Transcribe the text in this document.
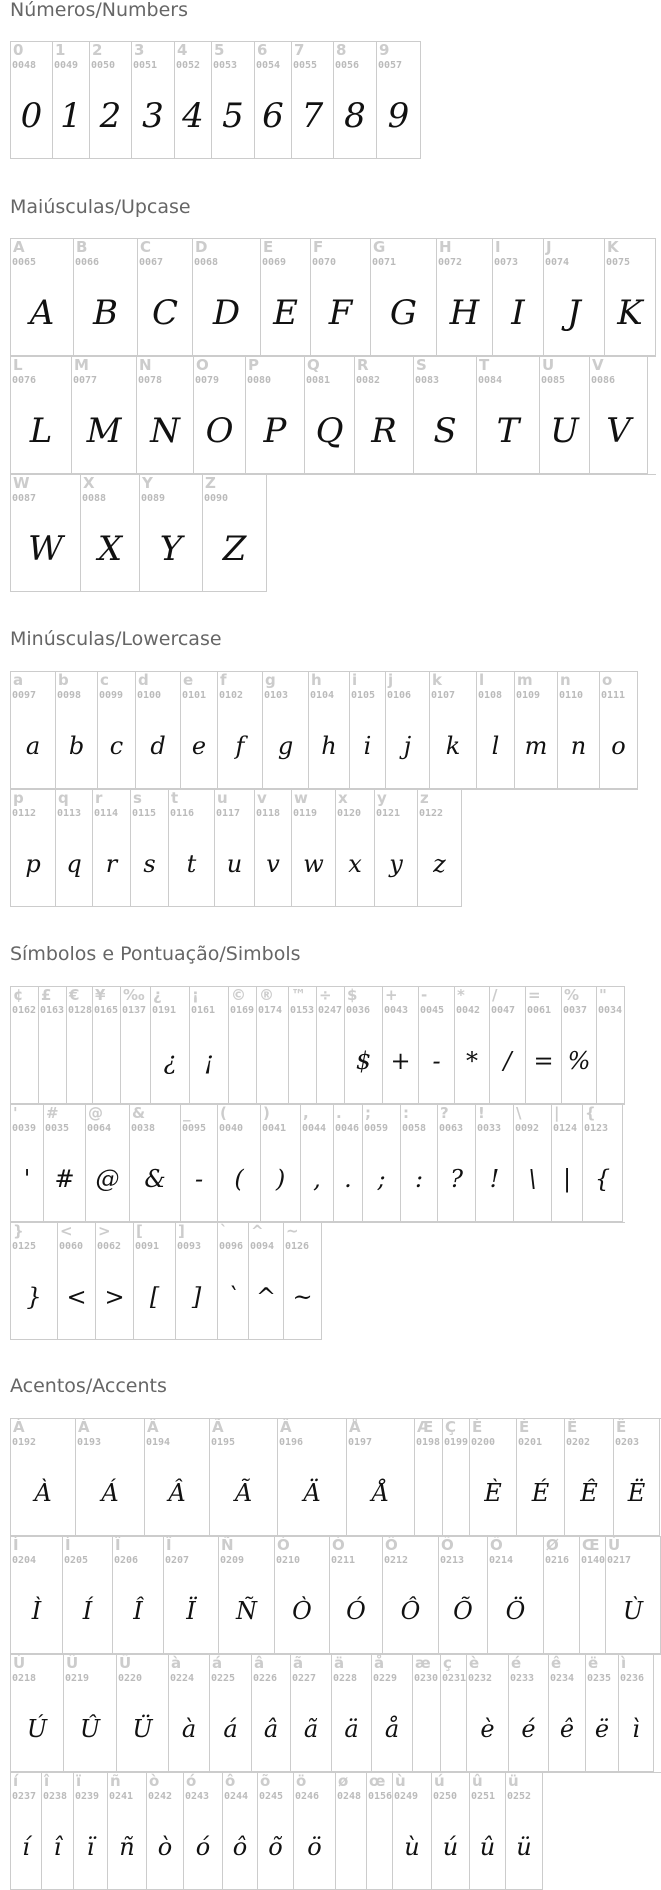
Números/Numbers
0
0048
0
1
0049
1
2
0050
2
3
0051
3
4
0052
4
5
0053
5
6
0054
6
7
0055
7
8
0056
8
9
0057
9
Maiúsculas/Upcase
A
0065
A
B
0066
B
C
0067
C
D
0068
D
E
0069
E
F
0070
F
G
0071
G
H
0072
H
I
0073
I
J
0074
J
K
0075
K
L
0076
L
M
0077
M
N
0078
N
O
0079
O
P
0080
P
Q
0081
Q
R
0082
R
S
0083
S
T
0084
T
U
0085
U
V
0086
V
W
0087
W
X
0088
X
Y
0089
Y
Z
0090
Z
Minúsculas/Lowercase
a
0097
a
b
0098
b
c
0099
c
d
0100
d
e
0101
e
f
0102
f
g
0103
g
h
0104
h
i
0105
i
j
0106
j
k
0107
k
l
0108
l
m
0109
m
n
0110
n
o
0111
o
p
0112
p
q
0113
q
r
0114
r
s
0115
s
t
0116
t
u
0117
u
v
0118
v
w
0119
w
x
0120
x
y
0121
y
z
0122
z
Símbolos e Pontuação/Simbols
¢
0162
£
0163
€
0128
¥
0165
‰
0137
¿
0191
¿
¡
0161
¡
©
0169
®
0174
™
0153
÷
0247
$
0036
$
+
0043
+
-
0045
-
*
0042
*
/
0047
/
=
0061
=
%
0037
%
"
0034
'
0039
'
#
0035
#
@
0064
@
&
0038
&
_
0095
-
(
0040
(
)
0041
)
,
0044
,
.
0046
.
;
0059
;
:
0058
:
?
0063
?
!
0033
!
\
0092
\
|
0124
|
{
0123
{
}
0125
}
<
0060
<
>
0062
>
[
0091
[
]
0093
]
`
0096
`
^
0094
^
~
0126
~
Acentos/Accents
À
0192
À
Á
0193
Á
Â
0194
Â
Ã
0195
Ã
Ä
0196
Ä
Å
0197
Å
Æ
0198
Ç
0199
È
0200
È
É
0201
É
Ê
0202
Ê
Ë
0203
Ë
Ì
0204
Ì
Í
0205
Í
Î
0206
Î
Ï
0207
Ï
Ñ
0209
Ñ
Ò
0210
Ò
Ó
0211
Ó
Ô
0212
Ô
Õ
0213
Õ
Ö
0214
Ö
Ø
0216
Œ
0140
Ù
0217
Ù
Ú
0218
Ú
Û
0219
Û
Ü
0220
Ü
à
0224
à
á
0225
á
â
0226
â
ã
0227
ã
ä
0228
ä
å
0229
å
æ
0230
ç
0231
è
0232
è
é
0233
é
ê
0234
ê
ë
0235
ë
ì
0236
ì
í
0237
í
î
0238
î
ï
0239
ï
ñ
0241
ñ
ò
0242
ò
ó
0243
ó
ô
0244
ô
õ
0245
õ
ö
0246
ö
ø
0248
œ
0156
ù
0249
ù
ú
0250
ú
û
0251
û
ü
0252
ü
